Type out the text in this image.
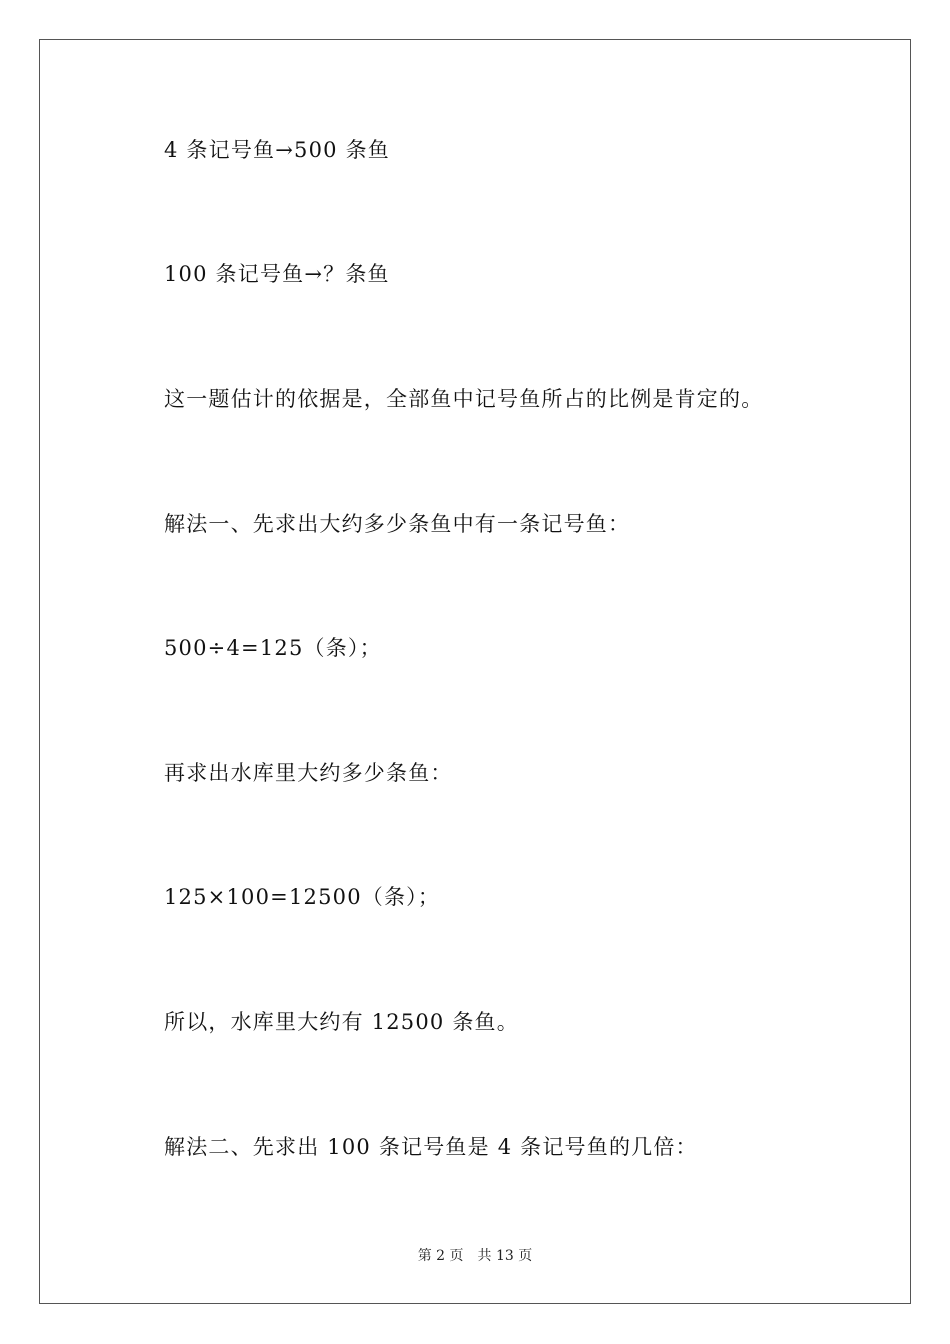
4 条记号鱼→500 条鱼
100 条记号鱼→？条鱼
这一题估计的依据是，全部鱼中记号鱼所占的比例是肯定的。
解法一、先求出大约多少条鱼中有一条记号鱼：
500÷4=125（条）；
再求出水库里大约多少条鱼：
125×100=12500（条）；
所以，水库里大约有 12500 条鱼。
解法二、先求出 100 条记号鱼是 4 条记号鱼的几倍：
第 2 页 共 13 页
